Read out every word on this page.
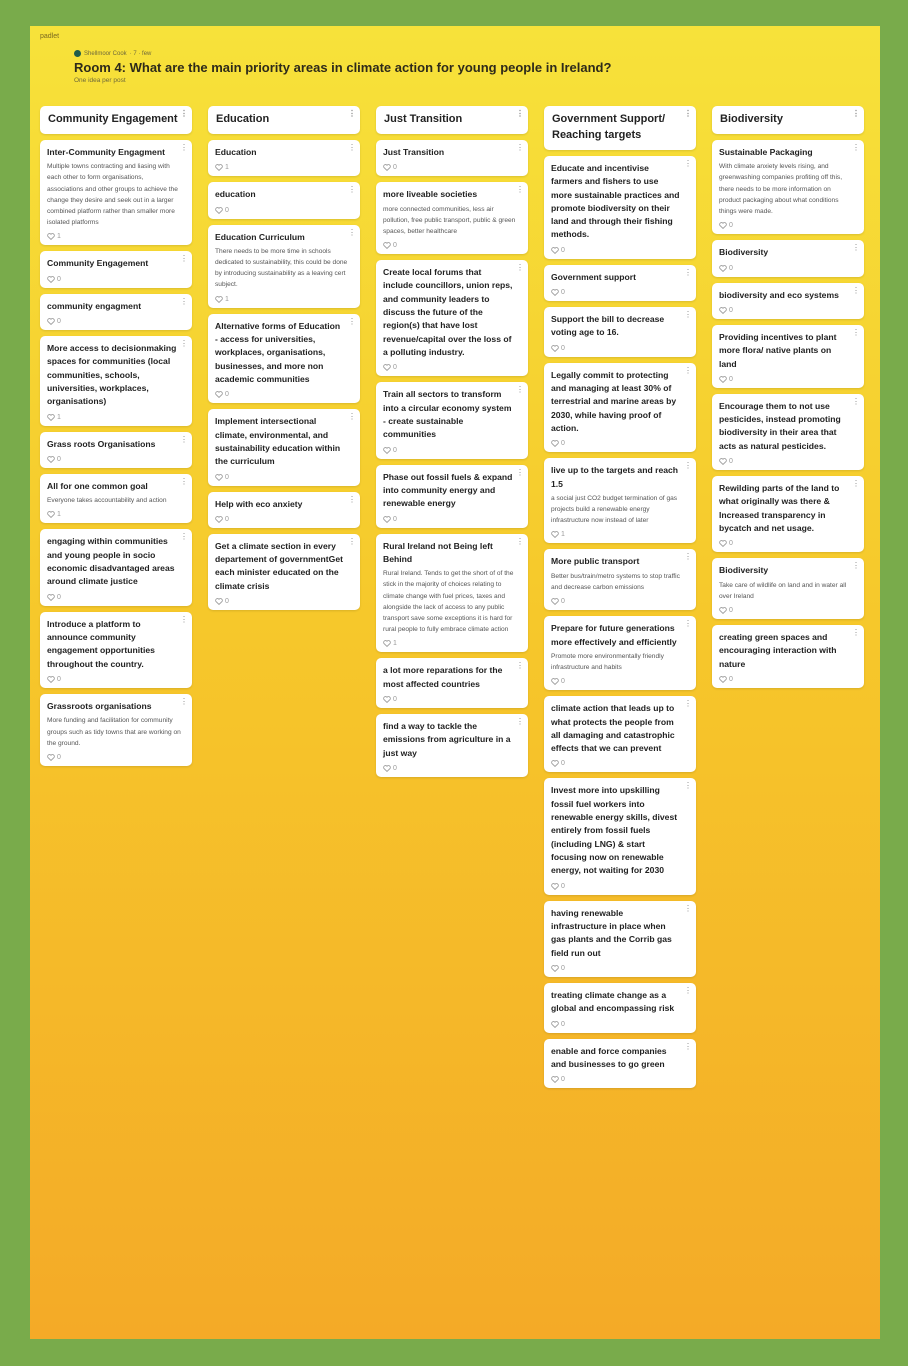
padlet
Shellmoor Cook · 7 · few
Room 4: What are the main priority areas in climate action for young people in Ireland?
One idea per post
Community Engagement ⋮
⋮
Inter-Community Engagment
Multiple towns contracting and liasing with each other to form organisations, associations and other groups to achieve the change they desire and seek out in a larger combined platform rather than smaller more isolated platforms
1
⋮
Community Engagement
0
⋮
community engagment
0
⋮
More access to decisionmaking spaces for communities (local communities, schools, universities, workplaces, organisations)
1
⋮
Grass roots Organisations
0
⋮
All for one common goal
Everyone takes accountability and action
1
⋮
engaging within communities and young people in socio economic disadvantaged areas around climate justice
0
⋮
Introduce a platform to announce community engagement opportunities throughout the country.
0
⋮
Grassroots organisations
More funding and facilitation for community groups such as tidy towns that are working on the ground.
0
Education	⋮
⋮
Education
1
⋮
education
0
⋮
Education Curriculum
There needs to be more time in schools dedicated to sustainability, this could be done by introducing sustainability as a leaving cert subject.
1
⋮
Alternative forms of Education - access for universities, workplaces, organisations, businesses, and more non academic communities
0
⋮
Implement intersectional climate, environmental, and sustainability education within the curriculum
0
⋮
Help with eco anxiety
0
⋮
Get a climate section in every departement of governmentGet each minister educated on the climate crisis
0
Just Transition	⋮
⋮
Just Transition
0
⋮
more liveable societies
more connected communities, less air pollution, free public transport, public & green spaces, better healthcare
0
⋮
Create local forums that include councillors, union reps, and community leaders to discuss the future of the region(s) that have lost revenue/capital over the loss of a polluting industry.
0
⋮
Train all sectors to transform into a circular economy system - create sustainable communities
0
⋮
Phase out fossil fuels & expand into community energy and renewable energy
0
⋮
Rural Ireland not Being left Behind
Rural Ireland. Tends to get the short of of the stick in the majority of choices relating to climate change with fuel prices, taxes and alongside the lack of access to any public transport save some exceptions it is hard for rural people to fully embrace climate action
1
⋮
a lot more reparations for the most affected countries
0
⋮
find a way to tackle the emissions from agriculture in a just way
0
Government Support/ Reaching targets
⋮
⋮
Educate and incentivise farmers and fishers to use more sustainable practices and promote biodiversity on their land and through their fishing methods.
0
⋮
Government support
0
⋮
Support the bill to decrease voting age to 16.
0
⋮
Legally commit to protecting and managing at least 30% of terrestrial and marine areas by 2030, while having proof of action.
0
⋮
live up to the targets and reach 1.5
a social just CO2 budget termination of gas projects build a renewable energy infrastructure now instead of later
1
⋮
More public transport
Better bus/train/metro systems to stop traffic and decrease carbon emissions
0
⋮
Prepare for future generations more effectively and efficiently
Promote more environmentally friendly infrastructure and habits
0
⋮
climate action that leads up to what protects the people from all damaging and catastrophic effects that we can prevent
0
⋮
Invest more into upskilling fossil fuel workers into renewable energy skills, divest entirely from fossil fuels (including LNG) & start focusing now on renewable energy, not waiting for 2030
0
⋮
having renewable infrastructure in place when gas plants and the Corrib gas field run out
0
⋮
treating climate change as a global and encompassing risk
0
⋮
enable and force companies and businesses to go green
0
Biodiversity	⋮
⋮
Sustainable Packaging
With climate anxiety levels rising, and greenwashing companies profiting off this, there needs to be more information on product packaging about what conditions things were made.
0
⋮
Biodiversity
0
⋮
biodiversity and eco systems
0
⋮
Providing incentives to plant more flora/ native plants on land
0
⋮
Encourage them to not use pesticides, instead promoting biodiversity in their area that acts as natural pesticides.
0
⋮
Rewilding parts of the land to what originally was there & Increased transparency in bycatch and net usage.
0
⋮
Biodiversity
Take care of wildlife on land and in water all over Ireland
0
⋮
creating green spaces and encouraging interaction with nature
0
